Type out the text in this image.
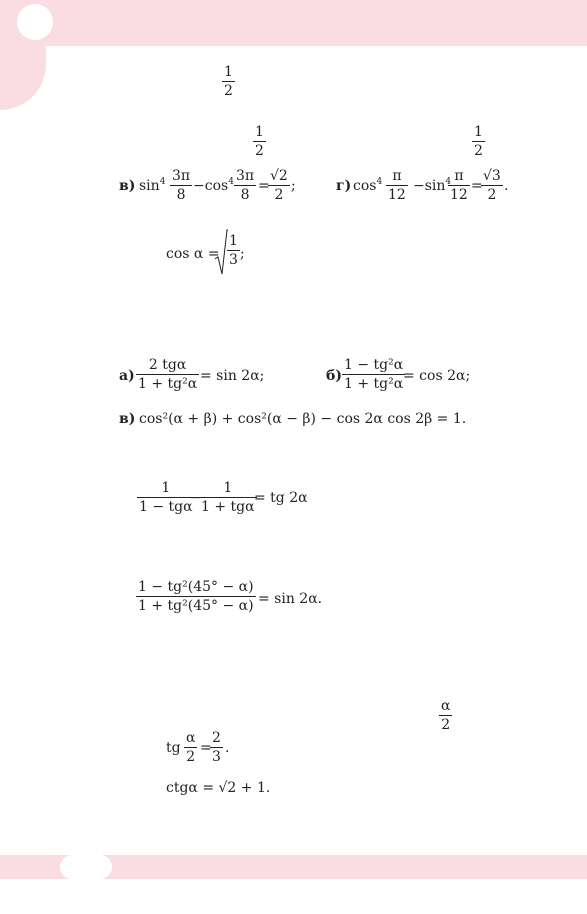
1
2
1
2
1
2
в) $\sin^4 3\pi$
8
$-\cos^4$ 3π
8
=
√2
2
;	г) $\cos^4 \pi$
12
$-\sin^4$ π
12
=
√3
2
.
cos α =
1
3 ;
а)
2 tgα
1 + tg²α = sin 2α;	б)
1 − tg²α
1 + tg²α = cos 2α;
в) cos²(α + β) + cos²(α − β) − cos 2α cos 2β = 1.
1
1 − tgα
−
1
1 + tgα
= tg 2α
1 − tg²(45° − α)
1 + tg²(45° − α) = sin 2α.
α
2
tg
α
2
=
2
3
.
ctgα = √2 + 1.
